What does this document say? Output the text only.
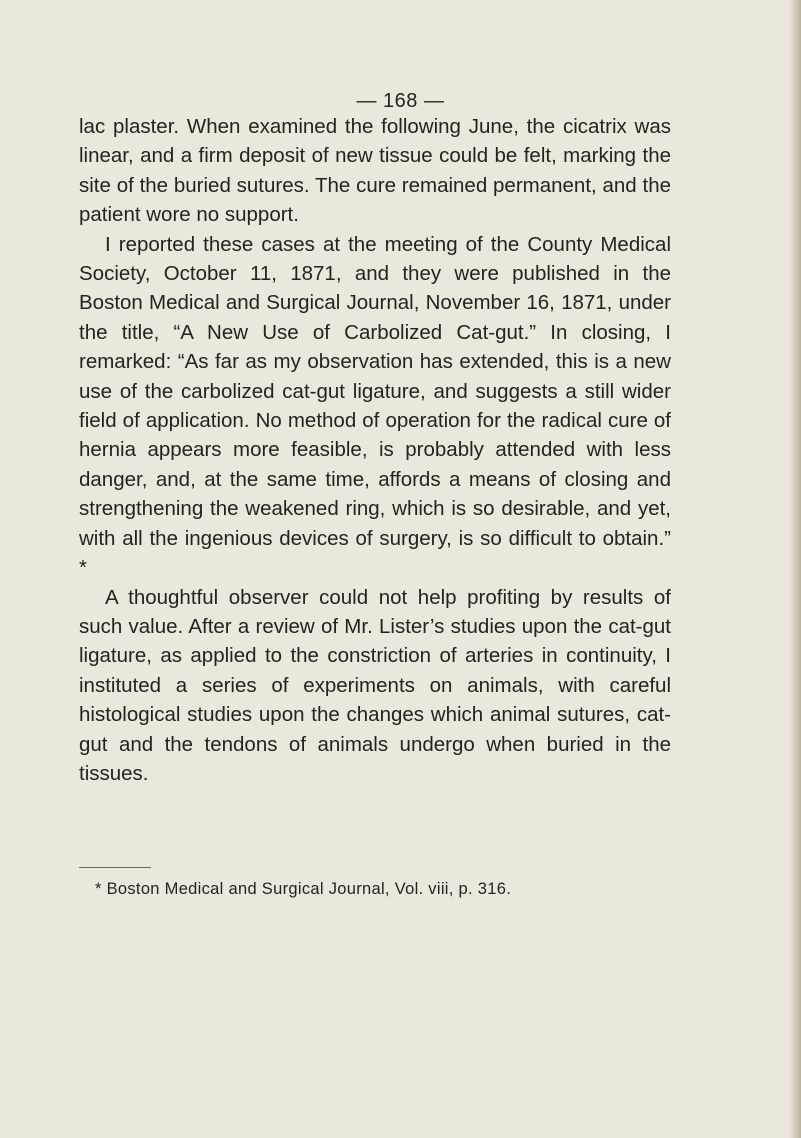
— 168 —

lac plaster. When examined the following June, the cicatrix was linear, and a firm deposit of new tissue could be felt, marking the site of the buried sutures. The cure remained permanent, and the patient wore no support.

I reported these cases at the meeting of the County Medical Society, October 11, 1871, and they were published in the Boston Medical and Surgical Journal, November 16, 1871, under the title, “A New Use of Carbolized Cat-gut.” In closing, I remarked: “As far as my observation has extended, this is a new use of the carbolized cat-gut ligature, and suggests a still wider field of application. No method of operation for the radical cure of hernia appears more feasible, is probably attended with less danger, and, at the same time, affords a means of closing and strengthening the weakened ring, which is so desirable, and yet, with all the ingenious devices of surgery, is so difficult to obtain.” *

A thoughtful observer could not help profiting by results of such value. After a review of Mr. Lister’s studies upon the cat-gut ligature, as applied to the constriction of arteries in continuity, I instituted a series of experiments on animals, with careful histological studies upon the changes which animal sutures, cat-gut and the tendons of animals undergo when buried in the tissues.

* Boston Medical and Surgical Journal, Vol. viii, p. 316.
